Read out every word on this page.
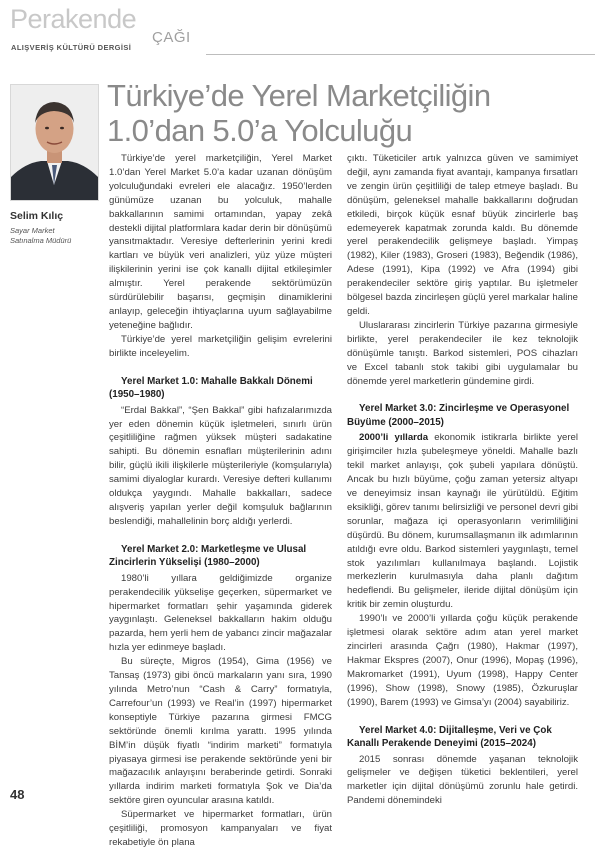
Perakende
ÇAĞI
ALIŞVERİŞ KÜLTÜRÜ DERGİSİ
Selim Kılıç
Sayar Market
Satınalma Müdürü
Türkiye’de Yerel Marketçiliğin
1.0’dan 5.0’a Yolculuğu

Türkiye’de yerel marketçiliğin, Yerel Market 1.0’dan Yerel Market 5.0’a kadar uzanan dönüşüm yolculuğundaki evreleri ele alacağız. 1950’lerden günümüze uzanan bu yolculuk, mahalle bakkallarının samimi ortamından, yapay zekâ destekli dijital platformlara kadar derin bir dönüşümü yansıtmaktadır. Veresiye defterlerinin yerini kredi kartları ve büyük veri analizleri, yüz yüze müşteri ilişkilerinin yerini ise çok kanallı dijital etkileşimler almıştır. Yerel perakende sektörümüzün sürdürülebilir başarısı, geçmişin dinamiklerini anlayıp, geleceğin ihtiyaçlarına uyum sağlayabilme yeteneğine bağlıdır.

Türkiye’de yerel marketçiliğin gelişim evrelerini birlikte inceleyelim.

Yerel Market 1.0: Mahalle Bakkalı Dönemi (1950–1980)

“Erdal Bakkal”, “Şen Bakkal” gibi hafızalarımızda yer eden dönemin küçük işletmeleri, sınırlı ürün çeşitliliğine rağmen yüksek müşteri sadakatine sahipti. Bu dönemin esnafları müşterilerinin adını bilir, güçlü ikili ilişkilerle müşterileriyle (komşularıyla) samimi diyaloglar kurardı. Veresiye defteri kullanımı oldukça yaygındı. Mahalle bakkalları, sadece alışveriş yapılan yerler değil komşuluk bağlarının beslendiği, mahallelinin borç aldığı yerlerdi.

Yerel Market 2.0: Marketleşme ve Ulusal Zincirlerin Yükselişi (1980–2000)

1980’li yıllara geldiğimizde organize perakendecilik yükselişe geçerken, süpermarket ve hipermarket formatları şehir yaşamında giderek yaygınlaştı. Geleneksel bakkalların hakim olduğu pazarda, hem yerli hem de yabancı zincir mağazalar hızla yer edinmeye başladı.

Bu süreçte, Migros (1954), Gima (1956) ve Tansaş (1973) gibi öncü markaların yanı sıra, 1990 yılında Metro’nun “Cash & Carry” formatıyla, Carrefour’un (1993) ve Real’in (1997) hipermarket konseptiyle Türkiye pazarına girmesi FMCG sektöründe önemli kırılma yarattı. 1995 yılında BİM’in düşük fiyatlı “indirim marketi” formatıyla piyasaya girmesi ise perakende sektöründe yeni bir mağazacılık anlayışını beraberinde getirdi. Sonraki yıllarda indirim marketi formatıyla Şok ve Dia’da sektöre giren oyuncular arasına katıldı.

Süpermarket ve hipermarket formatları, ürün çeşitliliği, promosyon kampanyaları ve fiyat rekabetiyle ön plana

çıktı. Tüketiciler artık yalnızca güven ve samimiyet değil, aynı zamanda fiyat avantajı, kampanya fırsatları ve zengin ürün çeşitliliği de talep etmeye başladı. Bu dönüşüm, geleneksel mahalle bakkallarını doğrudan etkiledi, birçok küçük esnaf büyük zincirlerle baş edemeyerek kapatmak zorunda kaldı. Bu dönemde yerel perakendecilik gelişmeye başladı. Yimpaş (1982), Kiler (1983), Groseri (1983), Beğendik (1986), Adese (1991), Kipa (1992) ve Afra (1994) gibi perakendeciler sektöre giriş yaptılar. Bu işletmeler bölgesel bazda zincirleşen güçlü yerel markalar haline geldi.

Uluslararası zincirlerin Türkiye pazarına girmesiyle birlikte, yerel perakendeciler ile kez teknolojik dönüşümle tanıştı. Barkod sistemleri, POS cihazları ve Excel tabanlı stok takibi gibi uygulamalar bu dönemde yerel marketlerin gündemine girdi.

Yerel Market 3.0: Zincirleşme ve Operasyonel Büyüme (2000–2015)

2000’li yıllarda ekonomik istikrarla birlikte yerel girişimciler hızla şubeleşmeye yöneldi. Mahalle bazlı tekil market anlayışı, çok şubeli yapılara dönüştü. Ancak bu hızlı büyüme, çoğu zaman yetersiz altyapı ve deneyimsiz insan kaynağı ile yürütüldü. Eğitim eksikliği, görev tanımı belirsizliği ve personel devri gibi sorunlar, mağaza içi operasyonların verimliliğini düşürdü. Bu dönem, kurumsallaşmanın ilk adımlarının atıldığı evre oldu. Barkod sistemleri yaygınlaştı, temel stok yazılımları kullanılmaya başlandı. Lojistik merkezlerin kurulmasıyla daha planlı dağıtım hedeflendi. Bu gelişmeler, ileride dijital dönüşüm için kritik bir zemin oluşturdu.

1990’lı ve 2000’li yıllarda çoğu küçük perakende işletmesi olarak sektöre adım atan yerel market zincirleri arasında Çağrı (1980), Hakmar (1997), Hakmar Ekspres (2007), Onur (1996), Mopaş (1996), Makromarket (1991), Uyum (1998), Happy Center (1996), Show (1998), Snowy (1985), Özkuruşlar (1990), Barem (1993) ve Gimsa’yı (2004) sayabiliriz.

Yerel Market 4.0: Dijitalleşme, Veri ve Çok Kanallı Perakende Deneyimi (2015–2024)

2015 sonrası dönemde yaşanan teknolojik gelişmeler ve değişen tüketici beklentileri, yerel marketler için dijital dönüşümü zorunlu hale getirdi. Pandemi dönemindeki

48
